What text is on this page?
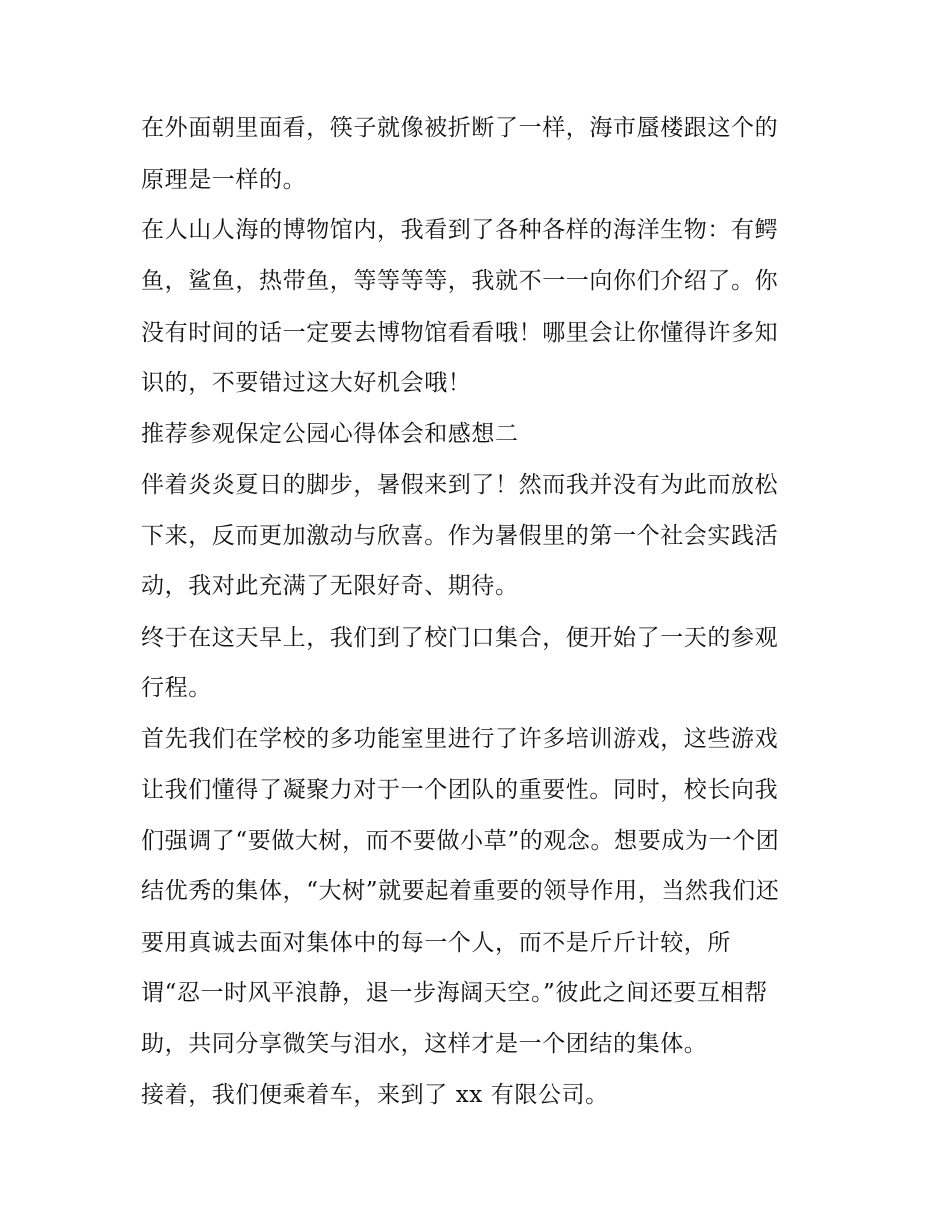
在外面朝里面看，筷子就像被折断了一样，海市蜃楼跟这个的
原理是一样的。
在人山人海的博物馆内，我看到了各种各样的海洋生物：有鳄
鱼，鲨鱼，热带鱼，等等等等，我就不一一向你们介绍了。你
没有时间的话一定要去博物馆看看哦！哪里会让你懂得许多知
识的，不要错过这大好机会哦！
推荐参观保定公园心得体会和感想二
伴着炎炎夏日的脚步，暑假来到了！然而我并没有为此而放松
下来，反而更加激动与欣喜。作为暑假里的第一个社会实践活
动，我对此充满了无限好奇、期待。
终于在这天早上，我们到了校门口集合，便开始了一天的参观
行程。
首先我们在学校的多功能室里进行了许多培训游戏，这些游戏
让我们懂得了凝聚力对于一个团队的重要性。同时，校长向我
们强调了“要做大树，而不要做小草”的观念。想要成为一个团
结优秀的集体，“大树”就要起着重要的领导作用，当然我们还
要用真诚去面对集体中的每一个人，而不是斤斤计较，所
谓“忍一时风平浪静，退一步海阔天空。”彼此之间还要互相帮
助，共同分享微笑与泪水，这样才是一个团结的集体。
接着，我们便乘着车，来到了 xx 有限公司。
